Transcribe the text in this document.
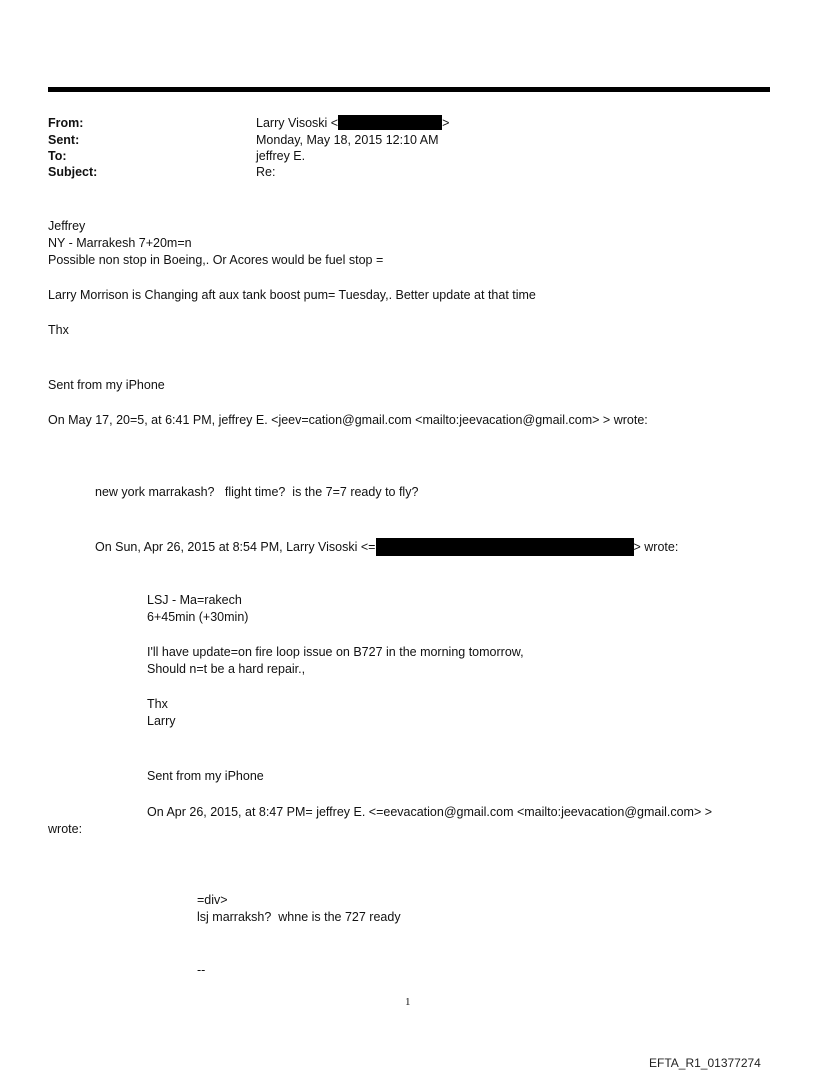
From:	Larry Visoski <	>
Sent:	Monday, May 18, 2015 12:10 AM
To:	jeffrey E.
Subject:	Re:
Jeffrey
NY - Marrakesh 7+20m=n
Possible non stop in Boeing,. Or Acores would be fuel stop =
Larry Morrison is Changing aft aux tank boost pum= Tuesday,. Better update at that time
Thx
Sent from my iPhone
On May 17, 20=5, at 6:41 PM, jeffrey E. <jeev=cation@gmail.com <mailto:jeevacation@gmail.com> > wrote:
new york marrakash?   flight time?  is the 7=7 ready to fly?
On Sun, Apr 26, 2015 at 8:54 PM, Larry Visoski <=	> wrote:
LSJ - Ma=rakech
6+45min (+30min)
I'll have update=on fire loop issue on B727 in the morning tomorrow,
Should n=t be a hard repair.,
Thx
Larry
Sent from my iPhone
On Apr 26, 2015, at 8:47 PM= jeffrey E. <=eevacation@gmail.com <mailto:jeevacation@gmail.com> >
wrote:
=div>
lsj marraksh?  whne is the 727 ready
--
1
EFTA_R1_01377274
